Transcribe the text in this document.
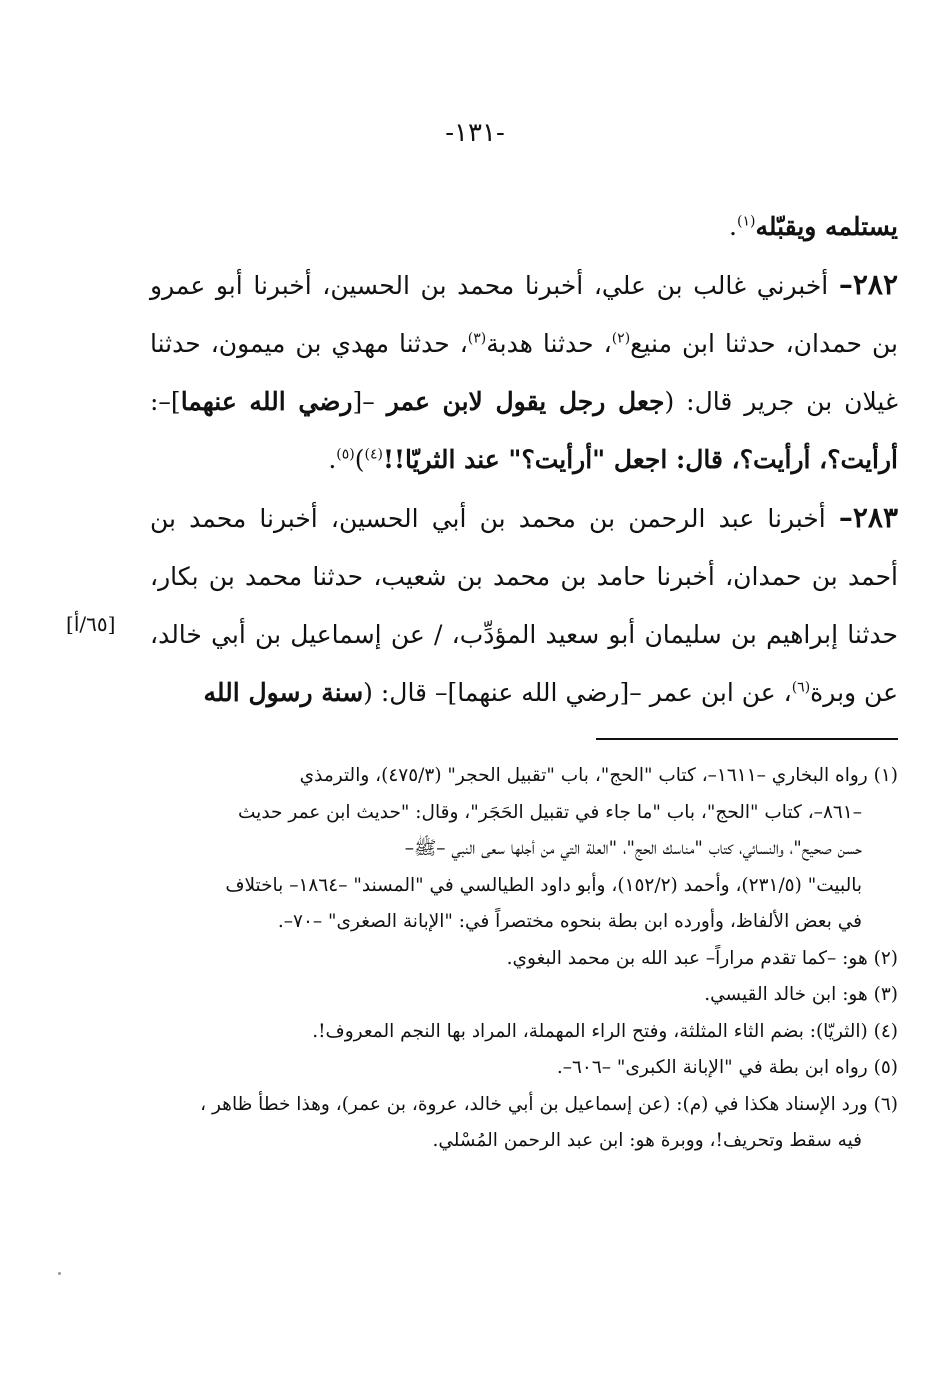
-١٣١-

يستلمه ويقبّله$^{(١)}$.

٢٨٢– أخبرني غالب بن علي، أخبرنا محمد بن الحسين، أخبرنا أبو عمرو بن حمدان، حدثنا ابن منيع$^{(٢)}$، حدثنا هدبة$^{(٣)}$، حدثنا مهدي بن ميمون، حدثنا غيلان بن جرير قال: (جعل رجل يقول لابن عمر –[رضي الله عنهما]–: أرأيت؟، أرأيت؟، قال: اجعل "أرأيت؟" عند الثريّا!!$^{(٤)}$)$^{(٥)}$.

٢٨٣– أخبرنا عبد الرحمن بن محمد بن أبي الحسين، أخبرنا محمد بن أحمد بن حمدان، أخبرنا حامد بن محمد بن شعيب، حدثنا محمد بن بكار، حدثنا إبراهيم بن سليمان أبو سعيد المؤدِّب، / عن إسماعيل بن أبي خالد، عن وبرة$^{(٦)}$، عن ابن عمر –[رضي الله عنهما]– قال: (سنة رسول الله

[٦٥/أ]

(١) رواه البخاري –١٦١١–، كتاب "الحج"، باب "تقبيل الحجر" (٤٧٥/٣)، والترمذي

–٨٦١–، كتاب "الحج"، باب "ما جاء في تقبيل الحَجَر"، وقال: "حديث ابن عمر حديث

حسن صحيح"، والنسائي، كتاب "مناسك الحج"، "العلة التي من أجلها سعى النبي –ﷺ–

بالبيت" (٢٣١/٥)، وأحمد (١٥٢/٢)، وأبو داود الطيالسي في "المسند" –١٨٦٤– باختلاف

في بعض الألفاظ، وأورده ابن بطة بنحوه مختصراً في: "الإبانة الصغرى" –٧٠–.

(٢) هو: –كما تقدم مراراً– عبد الله بن محمد البغوي.

(٣) هو: ابن خالد القيسي.

(٤) (الثريّا): بضم الثاء المثلثة، وفتح الراء المهملة، المراد بها النجم المعروف!.

(٥) رواه ابن بطة في "الإبانة الكبرى" –٦٠٦–.

(٦) ورد الإسناد هكذا في (م): (عن إسماعيل بن أبي خالد، عروة، بن عمر)، وهذا خطأ ظاهر ،

فيه سقط وتحريف!، ووبرة هو: ابن عبد الرحمن المُسْلي.
